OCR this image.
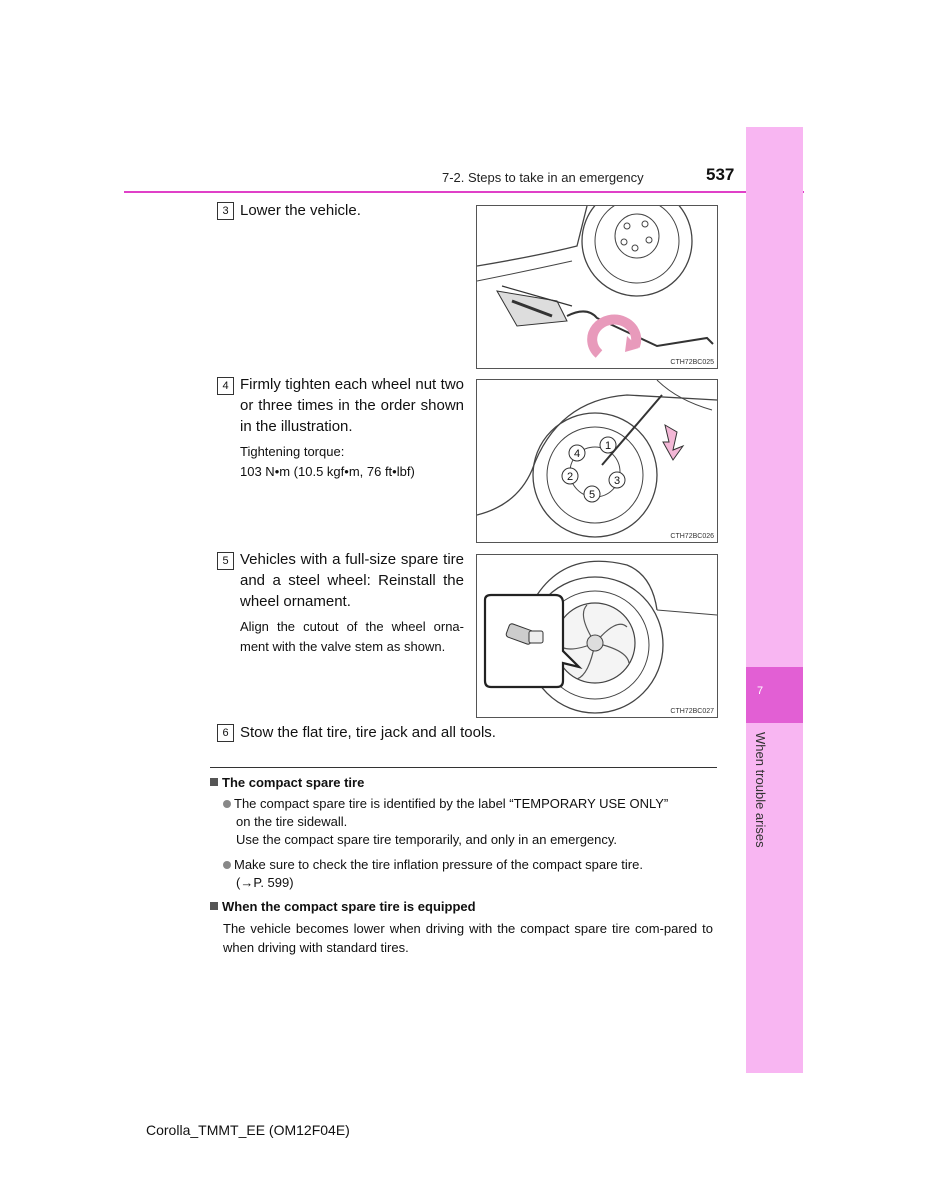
7-2. Steps to take in an emergency	537
7
When trouble arises
3 Lower the vehicle.
CTH72BC025
4 Firmly tighten each wheel nut two or three times in the order shown in the illustration.
Tightening torque:
103 N•m (10.5 kgf•m, 76 ft•lbf)
1
4
2	3
5
CTH72BC026
5 Vehicles with a full-size spare tire and a steel wheel: Reinstall the wheel ornament.
Align the cutout of the wheel orna-ment with the valve stem as shown.
CTH72BC027
6 Stow the flat tire, tire jack and all tools.
The compact spare tire
The compact spare tire is identified by the label “TEMPORARY USE ONLY”
on the tire sidewall.
Use the compact spare tire temporarily, and only in an emergency.
Make sure to check the tire inflation pressure of the compact spare tire.
(→P. 599)
When the compact spare tire is equipped
The vehicle becomes lower when driving with the compact spare tire com-pared to when driving with standard tires.
Corolla_TMMT_EE (OM12F04E)
